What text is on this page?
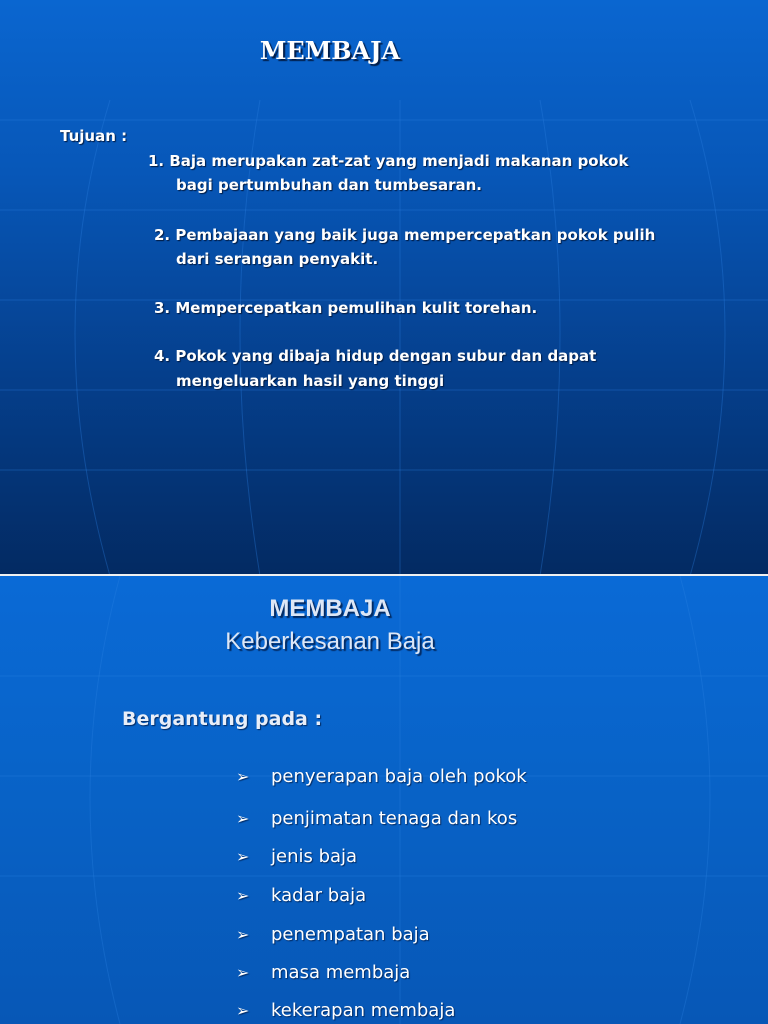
MEMBAJA
Tujuan :
1. Baja merupakan zat-zat yang menjadi makanan pokok
bagi pertumbuhan dan tumbesaran.
2. Pembajaan yang baik juga mempercepatkan pokok pulih
dari serangan penyakit.
3. Mempercepatkan pemulihan kulit torehan.
4. Pokok yang dibaja hidup dengan subur dan dapat
mengeluarkan hasil yang tinggi
MEMBAJA
Keberkesanan Baja
Bergantung pada :
➢ penyerapan baja oleh pokok
➢ penjimatan tenaga dan kos
➢ jenis baja
➢ kadar baja
➢ penempatan baja
➢ masa membaja
➢ kekerapan membaja
